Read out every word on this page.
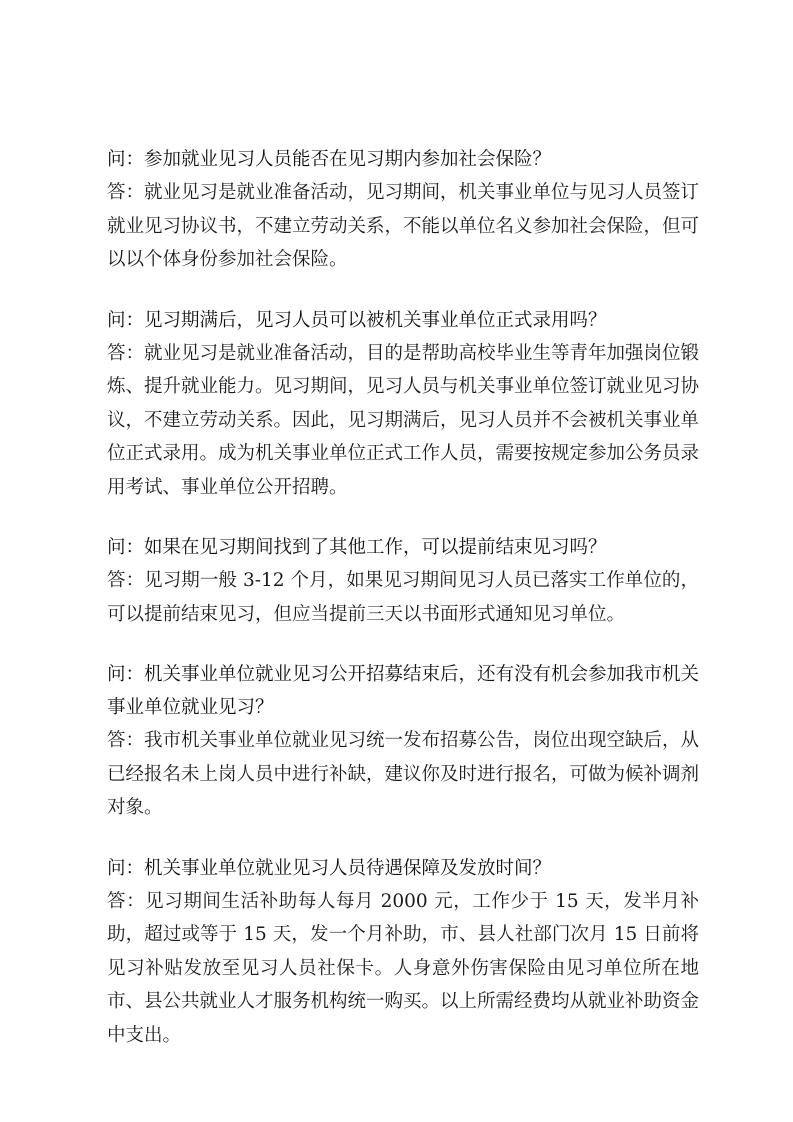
问：参加就业见习人员能否在见习期内参加社会保险？

答：就业见习是就业准备活动，见习期间，机关事业单位与见习人员签订就业见习协议书，不建立劳动关系，不能以单位名义参加社会保险，但可以以个体身份参加社会保险。

问：见习期满后，见习人员可以被机关事业单位正式录用吗？

答：就业见习是就业准备活动，目的是帮助高校毕业生等青年加强岗位锻炼、提升就业能力。见习期间，见习人员与机关事业单位签订就业见习协议，不建立劳动关系。因此，见习期满后，见习人员并不会被机关事业单位正式录用。成为机关事业单位正式工作人员，需要按规定参加公务员录用考试、事业单位公开招聘。

问：如果在见习期间找到了其他工作，可以提前结束见习吗？

答：见习期一般 3-12 个月，如果见习期间见习人员已落实工作单位的，可以提前结束见习，但应当提前三天以书面形式通知见习单位。

问：机关事业单位就业见习公开招募结束后，还有没有机会参加我市机关事业单位就业见习？

答：我市机关事业单位就业见习统一发布招募公告，岗位出现空缺后，从已经报名未上岗人员中进行补缺，建议你及时进行报名，可做为候补调剂对象。

问：机关事业单位就业见习人员待遇保障及发放时间？

答：见习期间生活补助每人每月 2000 元，工作少于 15 天，发半月补助，超过或等于 15 天，发一个月补助，市、县人社部门次月 15 日前将见习补贴发放至见习人员社保卡。人身意外伤害保险由见习单位所在地市、县公共就业人才服务机构统一购买。以上所需经费均从就业补助资金中支出。
